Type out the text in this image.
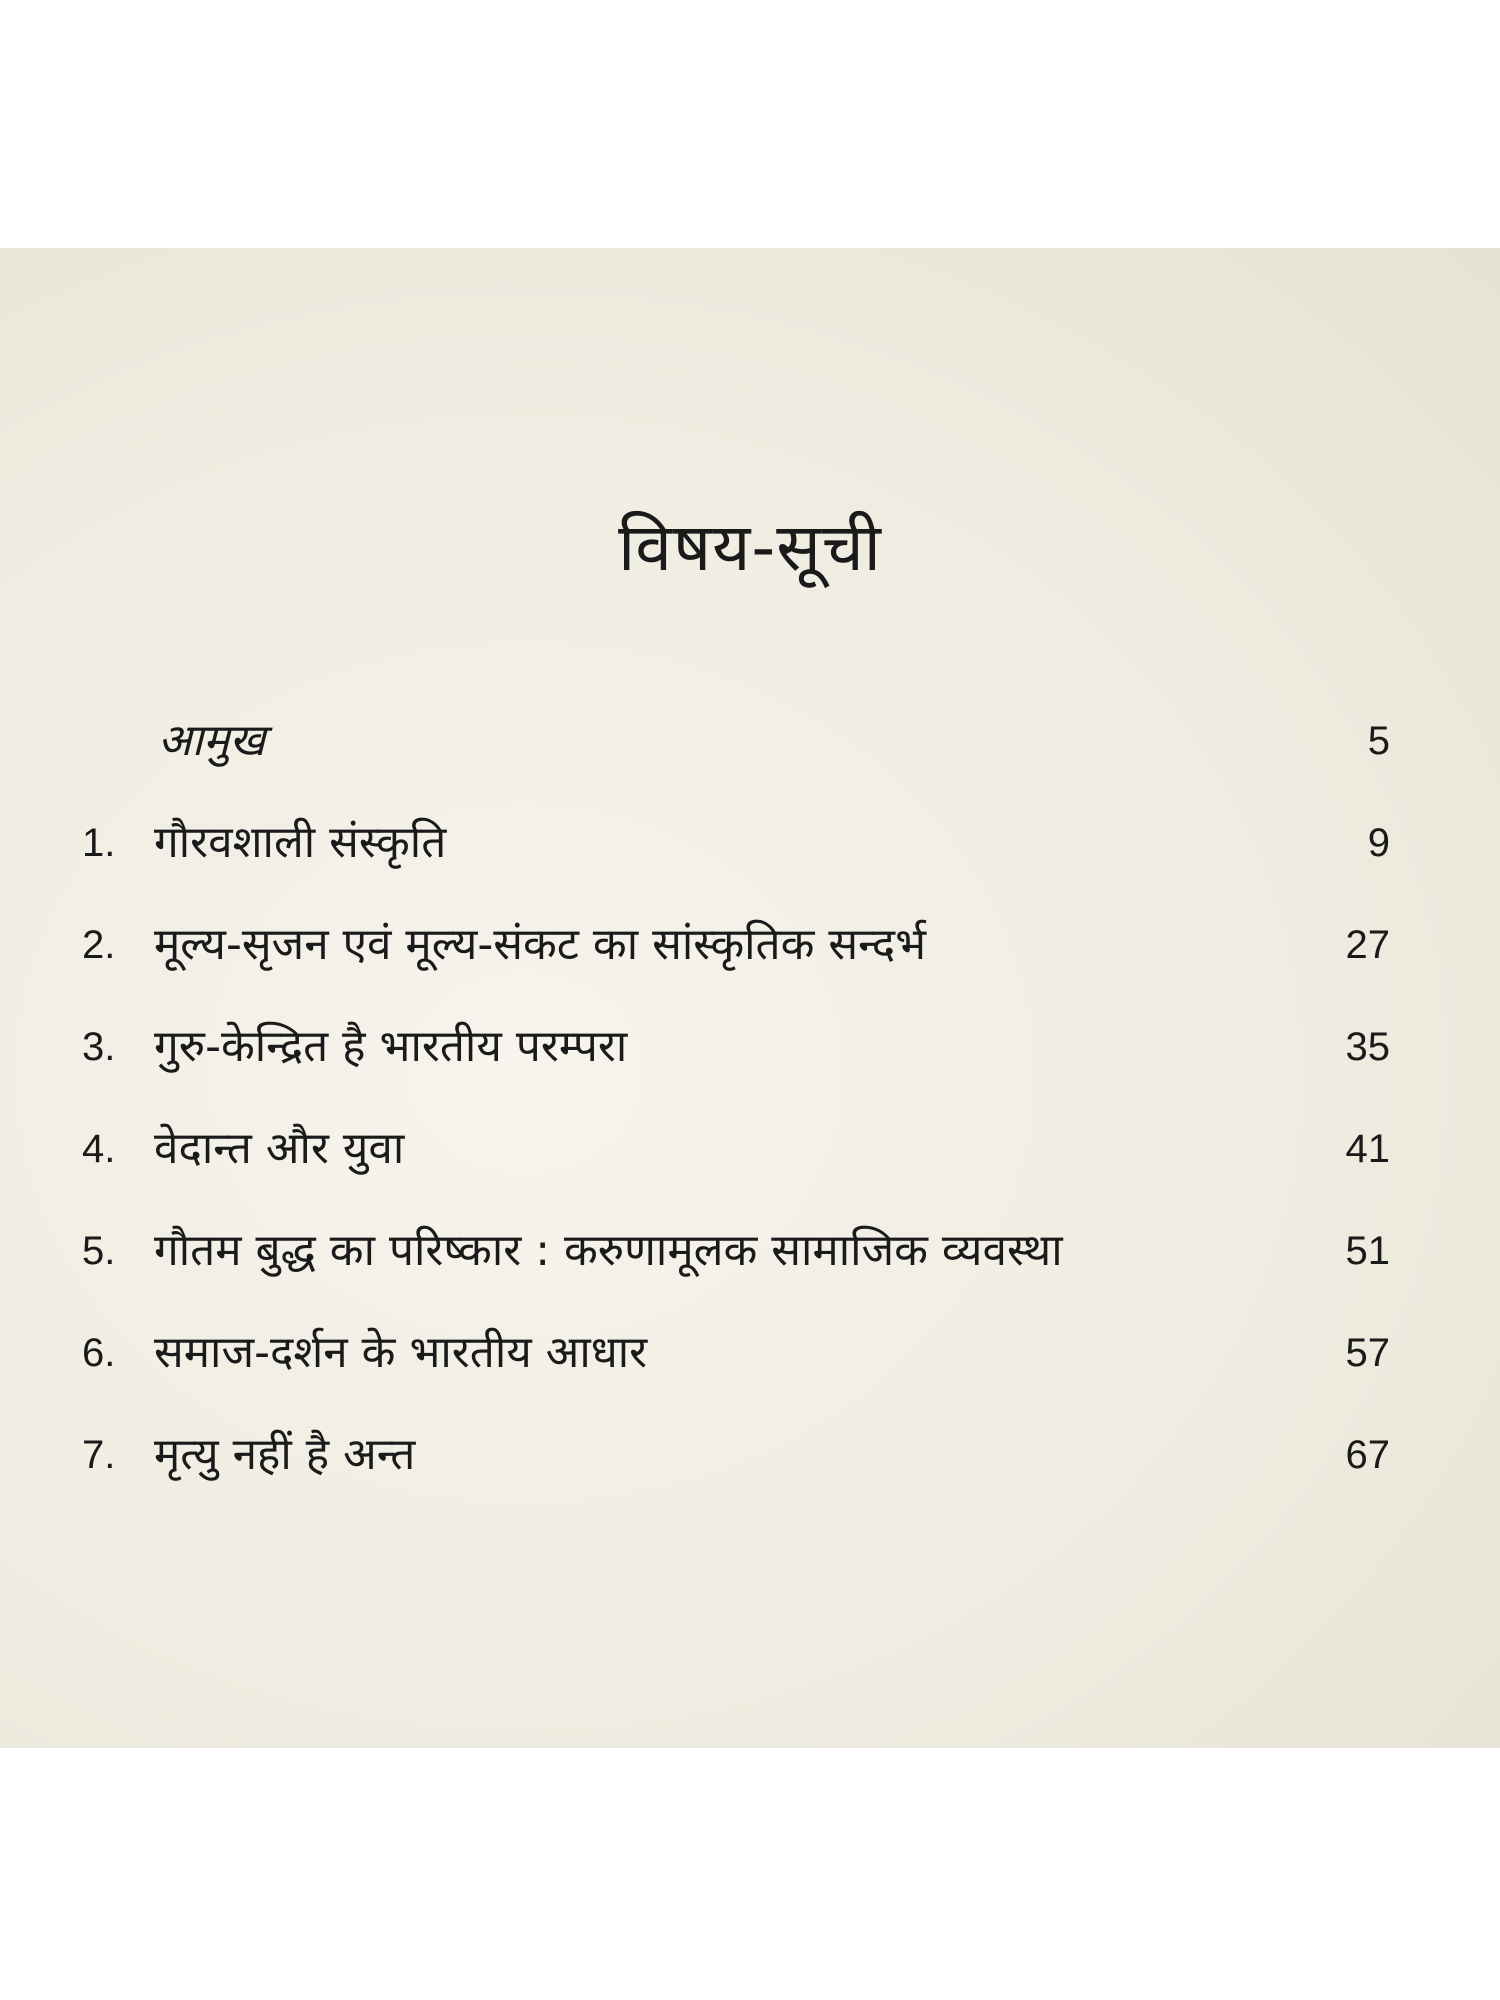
विषय-सूची
आमुख	5
1. गौरवशाली संस्कृति	9
2. मूल्य-सृजन एवं मूल्य-संकट का सांस्कृतिक सन्दर्भ	27
3. गुरु-केन्द्रित है भारतीय परम्परा	35
4. वेदान्त और युवा	41
5. गौतम बुद्ध का परिष्कार : करुणामूलक सामाजिक व्यवस्था	51
6. समाज-दर्शन के भारतीय आधार	57
7. मृत्यु नहीं है अन्त	67
